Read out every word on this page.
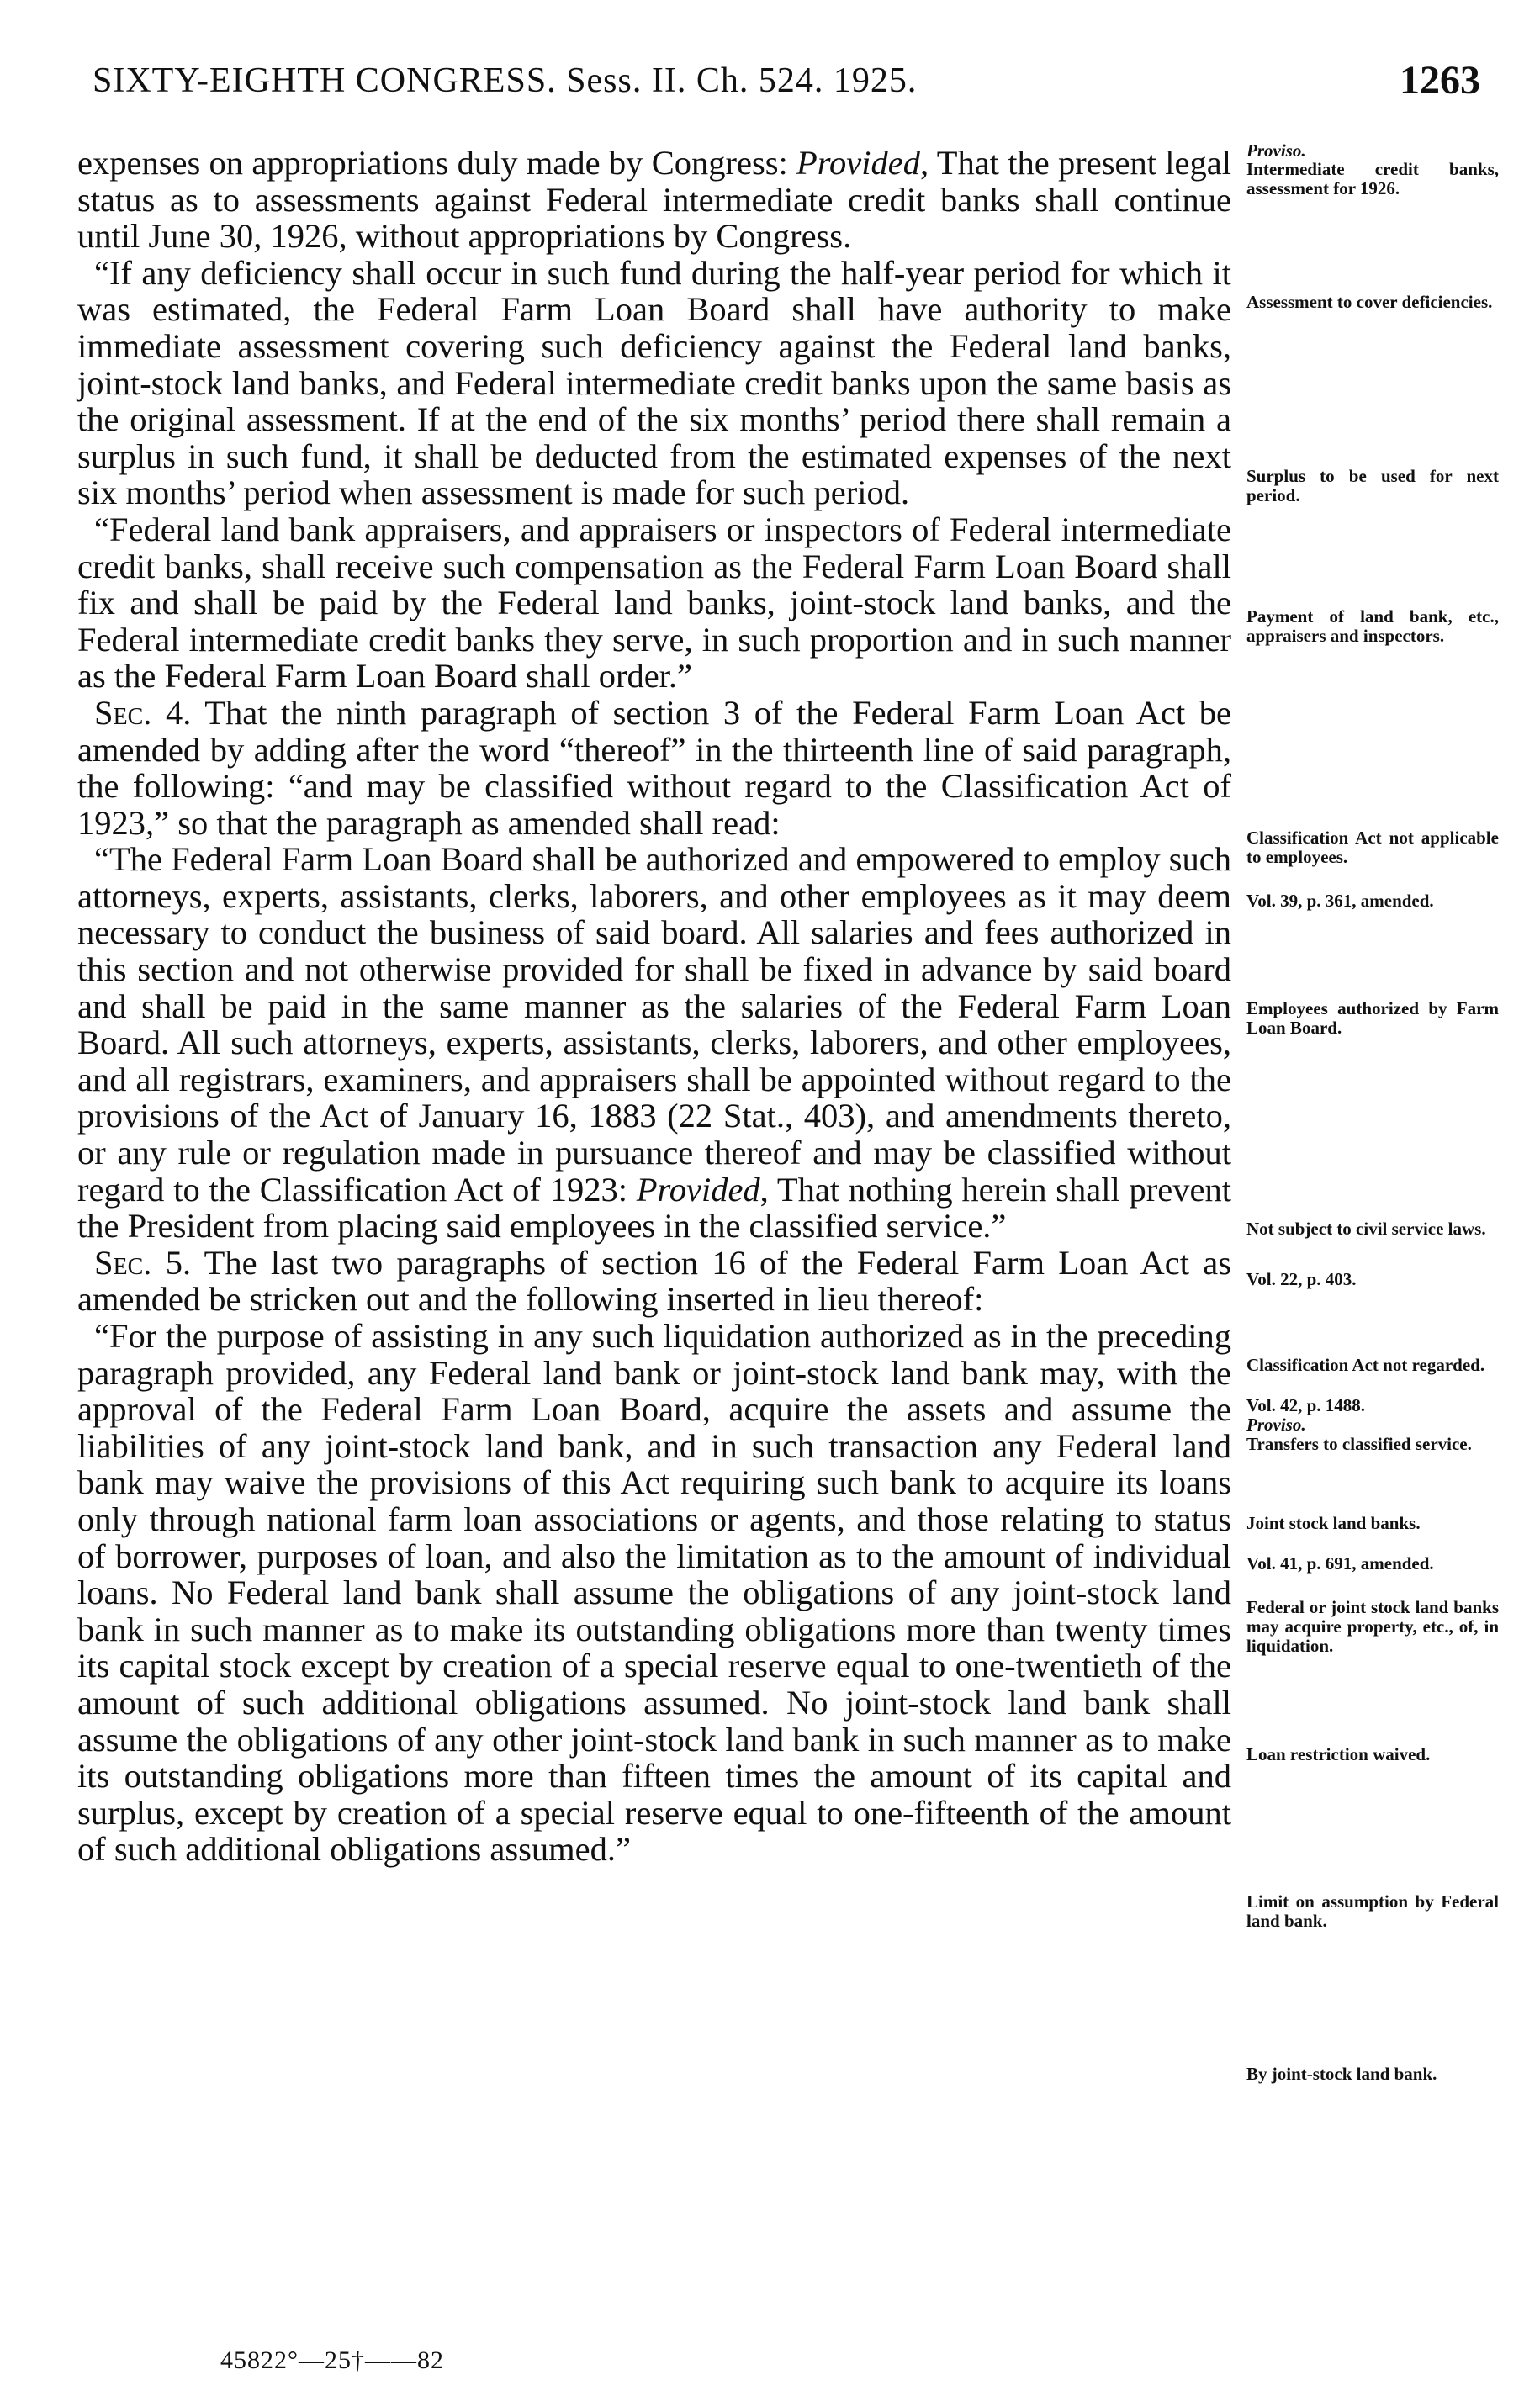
SIXTY-EIGHTH CONGRESS. Sess. II. Ch. 524. 1925.	1263

expenses on appropriations duly made by Congress: Provided, That the present legal status as to assessments against Federal intermediate credit banks shall continue until June 30, 1926, without appropriations by Congress.

“If any deficiency shall occur in such fund during the half-year period for which it was estimated, the Federal Farm Loan Board shall have authority to make immediate assessment covering such deficiency against the Federal land banks, joint-stock land banks, and Federal intermediate credit banks upon the same basis as the original assessment. If at the end of the six months’ period there shall remain a surplus in such fund, it shall be deducted from the estimated expenses of the next six months’ period when assessment is made for such period.

“Federal land bank appraisers, and appraisers or inspectors of Federal intermediate credit banks, shall receive such compensation as the Federal Farm Loan Board shall fix and shall be paid by the Federal land banks, joint-stock land banks, and the Federal intermediate credit banks they serve, in such proportion and in such manner as the Federal Farm Loan Board shall order.”

Sec. 4. That the ninth paragraph of section 3 of the Federal Farm Loan Act be amended by adding after the word “thereof” in the thirteenth line of said paragraph, the following: “and may be classified without regard to the Classification Act of 1923,” so that the paragraph as amended shall read:

“The Federal Farm Loan Board shall be authorized and empowered to employ such attorneys, experts, assistants, clerks, laborers, and other employees as it may deem necessary to conduct the business of said board. All salaries and fees authorized in this section and not otherwise provided for shall be fixed in advance by said board and shall be paid in the same manner as the salaries of the Federal Farm Loan Board. All such attorneys, experts, assistants, clerks, laborers, and other employees, and all registrars, examiners, and appraisers shall be appointed without regard to the provisions of the Act of January 16, 1883 (22 Stat., 403), and amendments thereto, or any rule or regulation made in pursuance thereof and may be classified without regard to the Classification Act of 1923: Provided, That nothing herein shall prevent the President from placing said employees in the classified service.”

Sec. 5. The last two paragraphs of section 16 of the Federal Farm Loan Act as amended be stricken out and the following inserted in lieu thereof:

“For the purpose of assisting in any such liquidation authorized as in the preceding paragraph provided, any Federal land bank or joint-stock land bank may, with the approval of the Federal Farm Loan Board, acquire the assets and assume the liabilities of any joint-stock land bank, and in such transaction any Federal land bank may waive the provisions of this Act requiring such bank to acquire its loans only through national farm loan associations or agents, and those relating to status of borrower, purposes of loan, and also the limitation as to the amount of individual loans. No Federal land bank shall assume the obligations of any joint-stock land bank in such manner as to make its outstanding obligations more than twenty times its capital stock except by creation of a special reserve equal to one-twentieth of the amount of such additional obligations assumed. No joint-stock land bank shall assume the obligations of any other joint-stock land bank in such manner as to make its outstanding obligations more than fifteen times the amount of its capital and surplus, except by creation of a special reserve equal to one-fifteenth of the amount of such additional obligations assumed.”

Proviso.
Intermediate credit banks, assessment for 1926.
Assessment to cover deficiencies.
Surplus to be used for next period.
Payment of land bank, etc., appraisers and inspectors.
Classification Act not applicable to employees.
Vol. 39, p. 361, amended.
Employees authorized by Farm Loan Board.
Not subject to civil service laws.
Vol. 22, p. 403.
Classification Act not regarded.
Vol. 42, p. 1488.
Proviso.
Transfers to classified service.
Joint stock land banks.
Vol. 41, p. 691, amended.
Federal or joint stock land banks may acquire property, etc., of, in liquidation.
Loan restriction waived.
Limit on assumption by Federal land bank.
By joint-stock land bank.
45822°—25†——82
